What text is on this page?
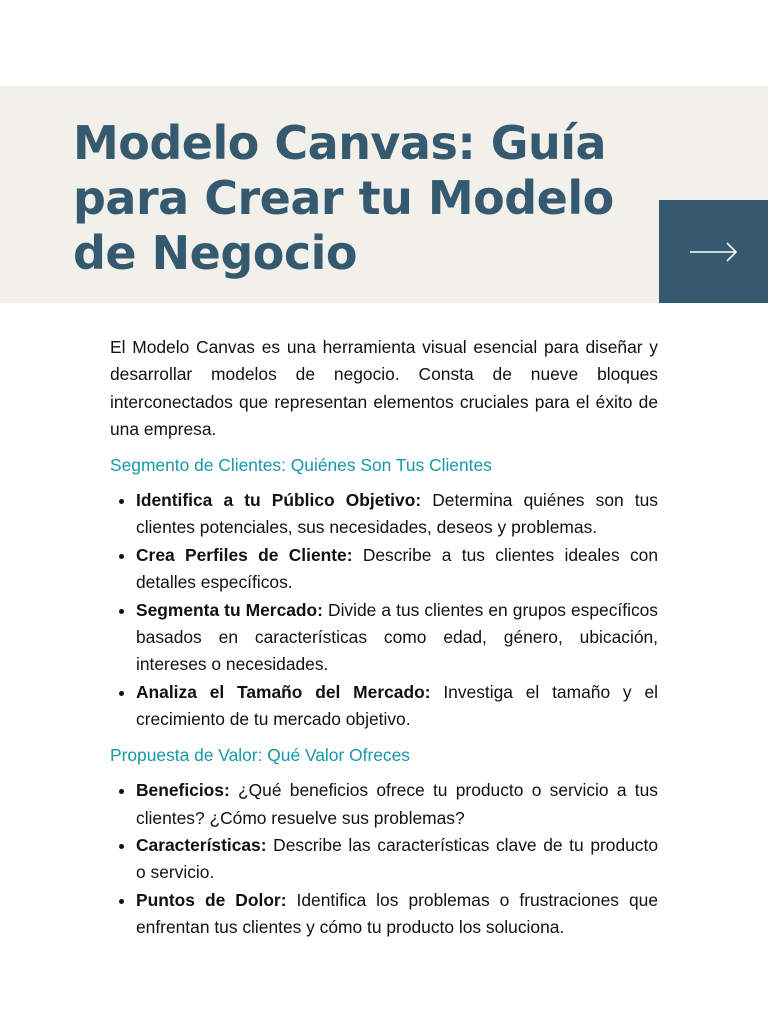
Modelo Canvas: Guía para Crear tu Modelo de Negocio

El Modelo Canvas es una herramienta visual esencial para diseñar y desarrollar modelos de negocio. Consta de nueve bloques interconectados que representan elementos cruciales para el éxito de una empresa.

Segmento de Clientes: Quiénes Son Tus Clientes
• Identifica a tu Público Objetivo: Determina quiénes son tus clientes potenciales, sus necesidades, deseos y problemas.
• Crea Perfiles de Cliente: Describe a tus clientes ideales con detalles específicos.
• Segmenta tu Mercado: Divide a tus clientes en grupos específicos basados en características como edad, género, ubicación, intereses o necesidades.
• Analiza el Tamaño del Mercado: Investiga el tamaño y el crecimiento de tu mercado objetivo.
Propuesta de Valor: Qué Valor Ofreces
• Beneficios: ¿Qué beneficios ofrece tu producto o servicio a tus clientes? ¿Cómo resuelve sus problemas?
• Características: Describe las características clave de tu producto o servicio.
• Puntos de Dolor: Identifica los problemas o frustraciones que enfrentan tus clientes y cómo tu producto los soluciona.
